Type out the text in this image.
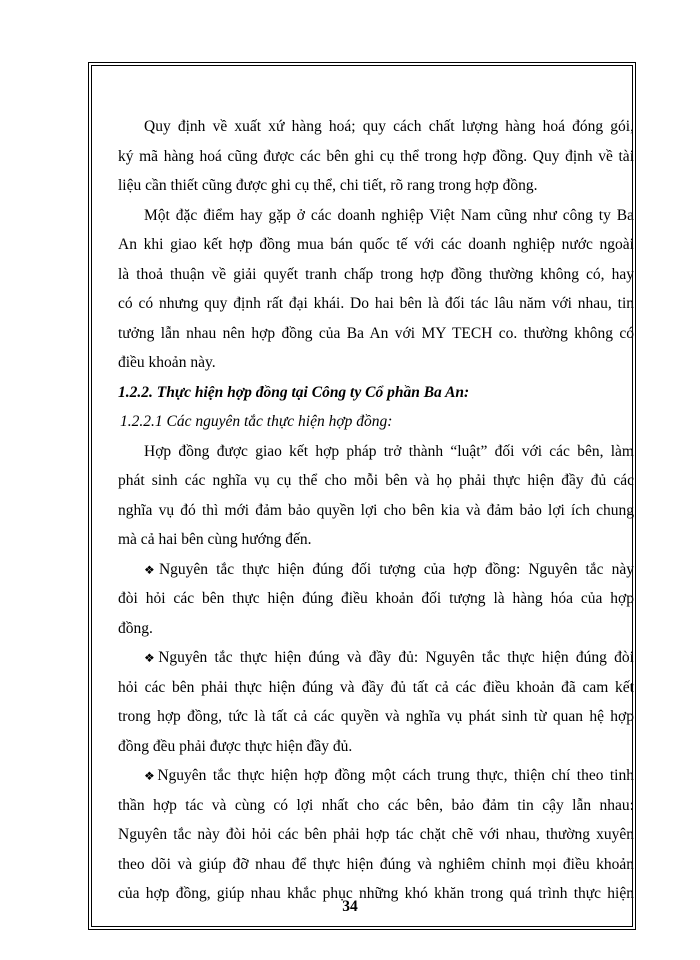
Quy định về xuất xứ hàng hoá; quy cách chất lượng hàng hoá đóng gói,
ký mã hàng hoá cũng được các bên ghi cụ thể trong hợp đồng. Quy định về tài
liệu cần thiết cũng được ghi cụ thể, chi tiết, rõ rang trong hợp đồng.
Một đặc điểm hay gặp ở các doanh nghiệp Việt Nam cũng như công ty Ba
An khi giao kết hợp đồng mua bán quốc tế với các doanh nghiệp nước ngoài
là thoả thuận về giải quyết tranh chấp trong hợp đồng thường không có, hay
có có nhưng quy định rất đại khái. Do hai bên là đối tác lâu năm với nhau, tin
tưởng lẫn nhau nên hợp đồng của Ba An với MY TECH co. thường không có
điều khoản này.
1.2.2. Thực hiện hợp đồng tại Công ty Cổ phần Ba An:
1.2.2.1 Các nguyên tắc thực hiện hợp đồng:
Hợp đồng được giao kết hợp pháp trở thành “luật” đối với các bên, làm
phát sinh các nghĩa vụ cụ thể cho mỗi bên và họ phải thực hiện đầy đủ các
nghĩa vụ đó thì mới đảm bảo quyền lợi cho bên kia và đảm bảo lợi ích chung
mà cả hai bên cùng hướng đến.
❖Nguyên tắc thực hiện đúng đối tượng của hợp đồng: Nguyên tắc này
đòi hỏi các bên thực hiện đúng điều khoản đối tượng là hàng hóa của hợp
đồng.
❖Nguyên tắc thực hiện đúng và đầy đủ: Nguyên tắc thực hiện đúng đòi
hỏi các bên phải thực hiện đúng và đầy đủ tất cả các điều khoản đã cam kết
trong hợp đồng, tức là tất cả các quyền và nghĩa vụ phát sinh từ quan hệ hợp
đồng đều phải được thực hiện đầy đủ.
❖Nguyên tắc thực hiện hợp đồng một cách trung thực, thiện chí theo tinh
thần hợp tác và cùng có lợi nhất cho các bên, bảo đảm tin cậy lẫn nhau:
Nguyên tắc này đòi hỏi các bên phải hợp tác chặt chẽ với nhau, thường xuyên
theo dõi và giúp đỡ nhau để thực hiện đúng và nghiêm chỉnh mọi điều khoản
của hợp đồng, giúp nhau khắc phục những khó khăn trong quá trình thực hiện
34
